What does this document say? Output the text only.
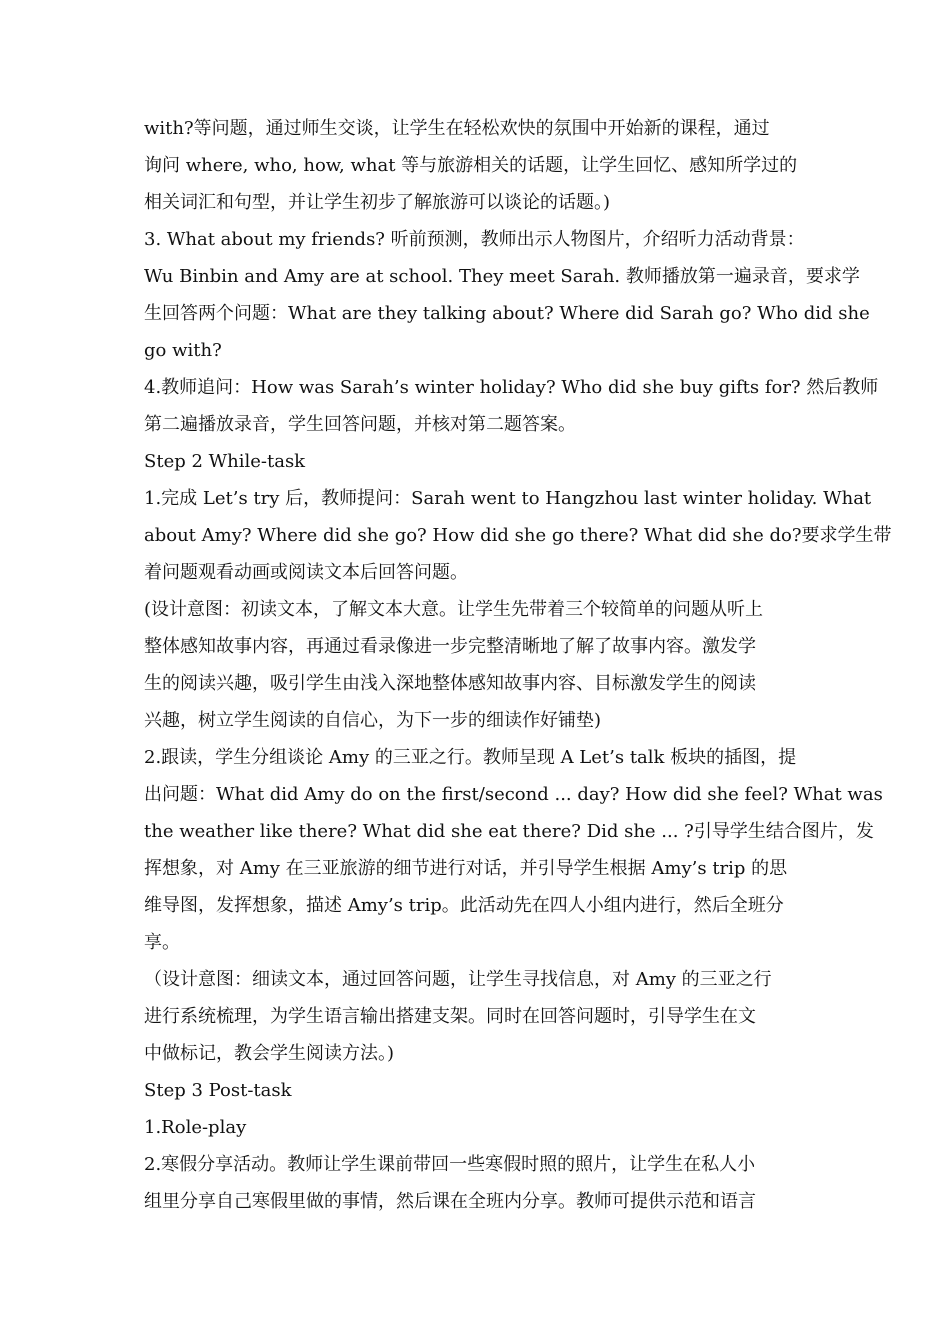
with?等问题，通过师生交谈，让学生在轻松欢快的氛围中开始新的课程，通过
询问 where, who, how, what 等与旅游相关的话题，让学生回忆、感知所学过的
相关词汇和句型，并让学生初步了解旅游可以谈论的话题。)
3. What about my friends? 听前预测，教师出示人物图片，介绍听力活动背景：
Wu Binbin and Amy are at school. They meet Sarah. 教师播放第一遍录音，要求学
生回答两个问题：What are they talking about? Where did Sarah go? Who did she
go with?
4.教师追问：How was Sarah’s winter holiday? Who did she buy gifts for? 然后教师
第二遍播放录音，学生回答问题，并核对第二题答案。
Step 2 While-task
1.完成 Let’s try 后，教师提问：Sarah went to Hangzhou last winter holiday. What
about Amy? Where did she go? How did she go there? What did she do?要求学生带
着问题观看动画或阅读文本后回答问题。
(设计意图：初读文本，了解文本大意。让学生先带着三个较简单的问题从听上
整体感知故事内容，再通过看录像进一步完整清晰地了解了故事内容。激发学
生的阅读兴趣，吸引学生由浅入深地整体感知故事内容、目标激发学生的阅读
兴趣，树立学生阅读的自信心，为下一步的细读作好铺垫)
2.跟读，学生分组谈论 Amy 的三亚之行。教师呈现 A Let’s talk 板块的插图，提
出问题：What did Amy do on the first/second ... day? How did she feel? What was
the weather like there? What did she eat there? Did she ... ?引导学生结合图片，发
挥想象，对 Amy 在三亚旅游的细节进行对话，并引导学生根据 Amy’s trip 的思
维导图，发挥想象，描述 Amy’s trip。此活动先在四人小组内进行，然后全班分
享。
（设计意图：细读文本，通过回答问题，让学生寻找信息，对 Amy 的三亚之行
进行系统梳理，为学生语言输出搭建支架。同时在回答问题时，引导学生在文
中做标记，教会学生阅读方法。)
Step 3 Post-task
1.Role-play
2.寒假分享活动。教师让学生课前带回一些寒假时照的照片，让学生在私人小
组里分享自己寒假里做的事情，然后课在全班内分享。教师可提供示范和语言
